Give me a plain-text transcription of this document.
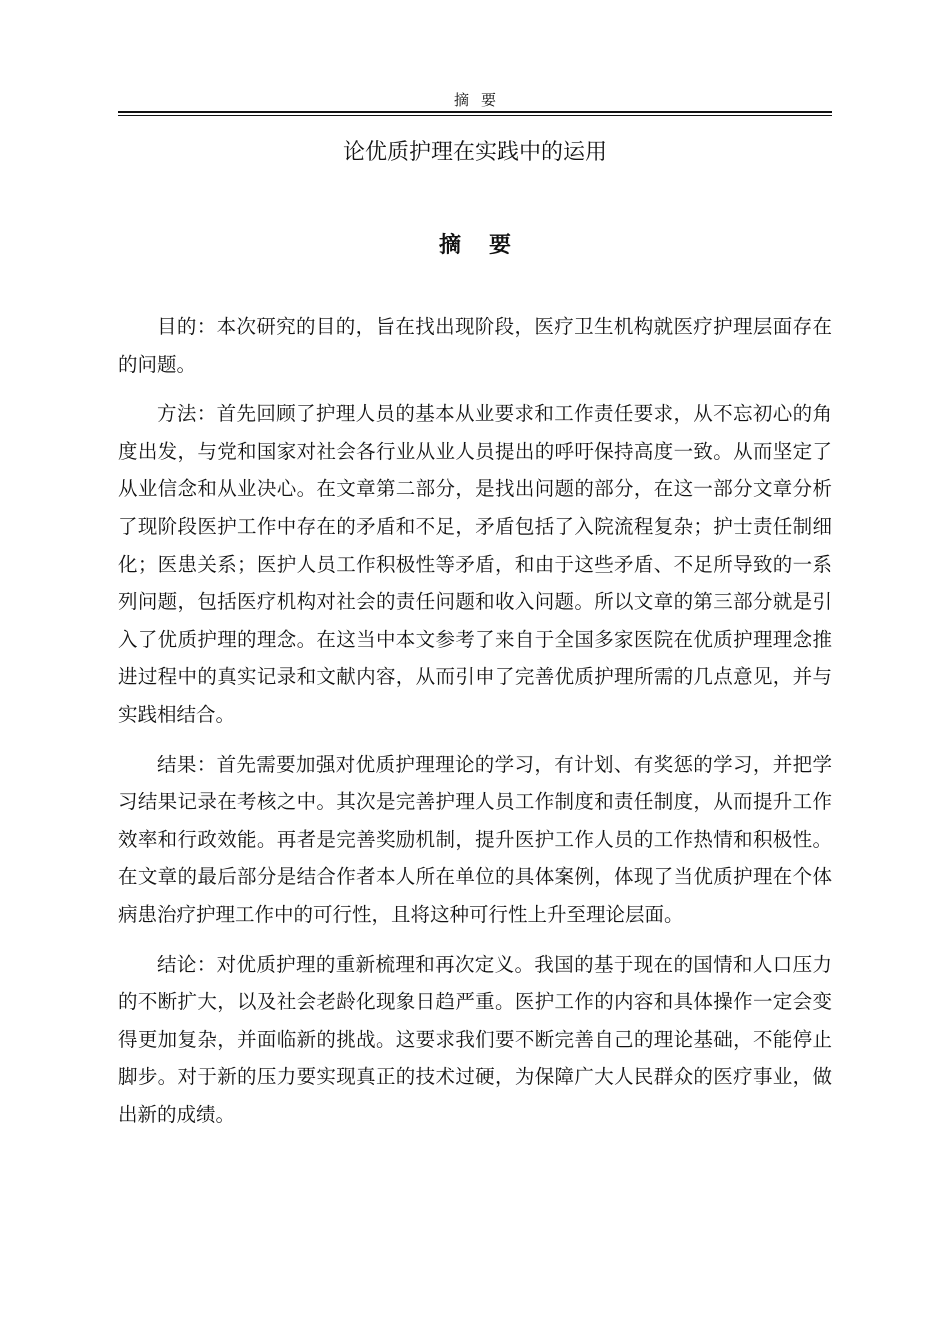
摘要
论优质护理在实践中的运用
摘要

目的：本次研究的目的，旨在找出现阶段，医疗卫生机构就医疗护理层面存在的问题。

方法：首先回顾了护理人员的基本从业要求和工作责任要求，从不忘初心的角度出发，与党和国家对社会各行业从业人员提出的呼吁保持高度一致。从而坚定了从业信念和从业决心。在文章第二部分，是找出问题的部分，在这一部分文章分析了现阶段医护工作中存在的矛盾和不足，矛盾包括了入院流程复杂；护士责任制细化；医患关系；医护人员工作积极性等矛盾，和由于这些矛盾、不足所导致的一系列问题，包括医疗机构对社会的责任问题和收入问题。所以文章的第三部分就是引入了优质护理的理念。在这当中本文参考了来自于全国多家医院在优质护理理念推进过程中的真实记录和文献内容，从而引申了完善优质护理所需的几点意见，并与实践相结合。

结果：首先需要加强对优质护理理论的学习，有计划、有奖惩的学习，并把学习结果记录在考核之中。其次是完善护理人员工作制度和责任制度，从而提升工作效率和行政效能。再者是完善奖励机制，提升医护工作人员的工作热情和积极性。在文章的最后部分是结合作者本人所在单位的具体案例，体现了当优质护理在个体病患治疗护理工作中的可行性，且将这种可行性上升至理论层面。

结论：对优质护理的重新梳理和再次定义。我国的基于现在的国情和人口压力的不断扩大，以及社会老龄化现象日趋严重。医护工作的内容和具体操作一定会变得更加复杂，并面临新的挑战。这要求我们要不断完善自己的理论基础，不能停止脚步。对于新的压力要实现真正的技术过硬，为保障广大人民群众的医疗事业，做出新的成绩。
